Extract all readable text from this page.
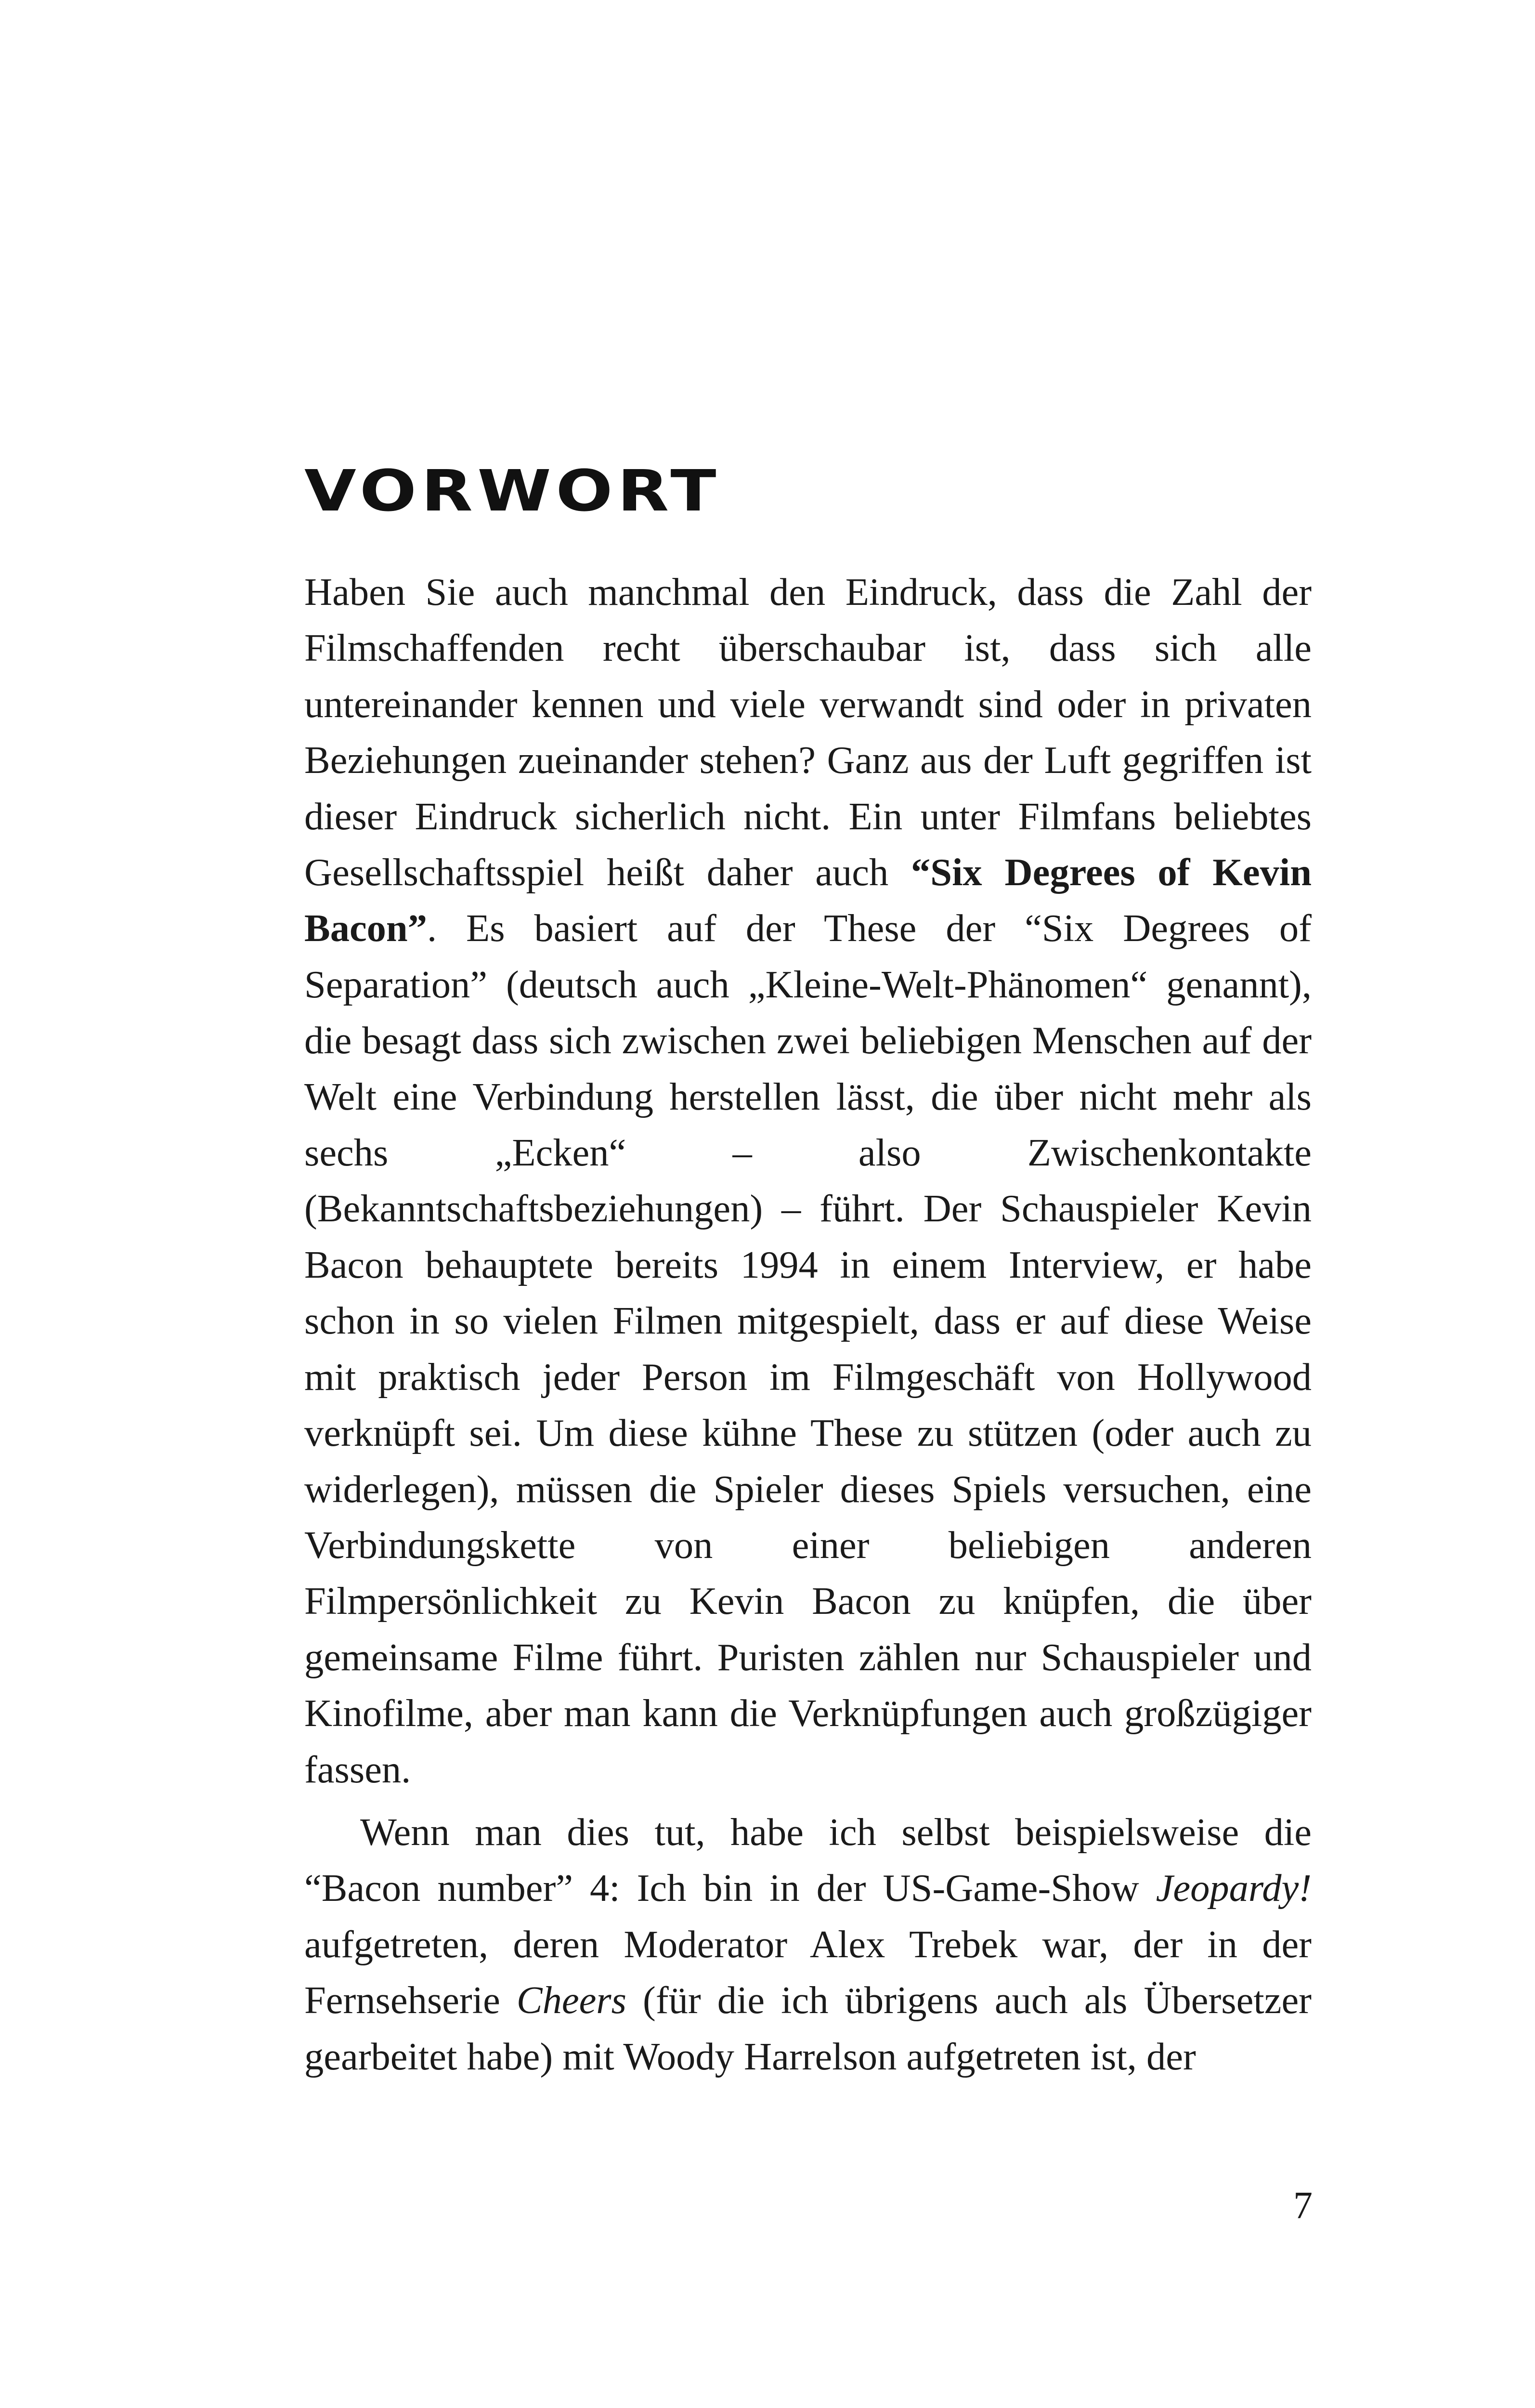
VORWORT

Haben Sie auch manchmal den Eindruck, dass die Zahl der Filmschaffenden recht überschaubar ist, dass sich alle untereinander kennen und viele verwandt sind oder in privaten Beziehungen zueinander stehen? Ganz aus der Luft gegriffen ist dieser Eindruck sicherlich nicht. Ein unter Filmfans beliebtes Gesellschaftsspiel heißt daher auch “Six Degrees of Kevin Bacon”. Es basiert auf der These der “Six Degrees of Separation” (deutsch auch „Kleine-Welt-Phänomen“ genannt), die besagt dass sich zwischen zwei beliebigen Menschen auf der Welt eine Verbindung herstellen lässt, die über nicht mehr als sechs „Ecken“ – also Zwischenkontakte (Bekanntschaftsbeziehungen) – führt. Der Schauspieler Kevin Bacon behauptete bereits 1994 in einem Interview, er habe schon in so vielen Filmen mitgespielt, dass er auf diese Weise mit praktisch jeder Person im Filmgeschäft von Hollywood verknüpft sei. Um diese kühne These zu stützen (oder auch zu widerlegen), müssen die Spieler dieses Spiels versuchen, eine Verbindungskette von einer beliebigen anderen Filmpersönlichkeit zu Kevin Bacon zu knüpfen, die über gemeinsame Filme führt. Puristen zählen nur Schauspieler und Kinofilme, aber man kann die Verknüpfungen auch großzügiger fassen.

Wenn man dies tut, habe ich selbst beispielsweise die “Bacon number” 4: Ich bin in der US-Game-Show Jeopardy! aufgetreten, deren Moderator Alex Trebek war, der in der Fernsehserie Cheers (für die ich übrigens auch als Übersetzer gearbeitet habe) mit Woody Harrelson aufgetreten ist, der

7
